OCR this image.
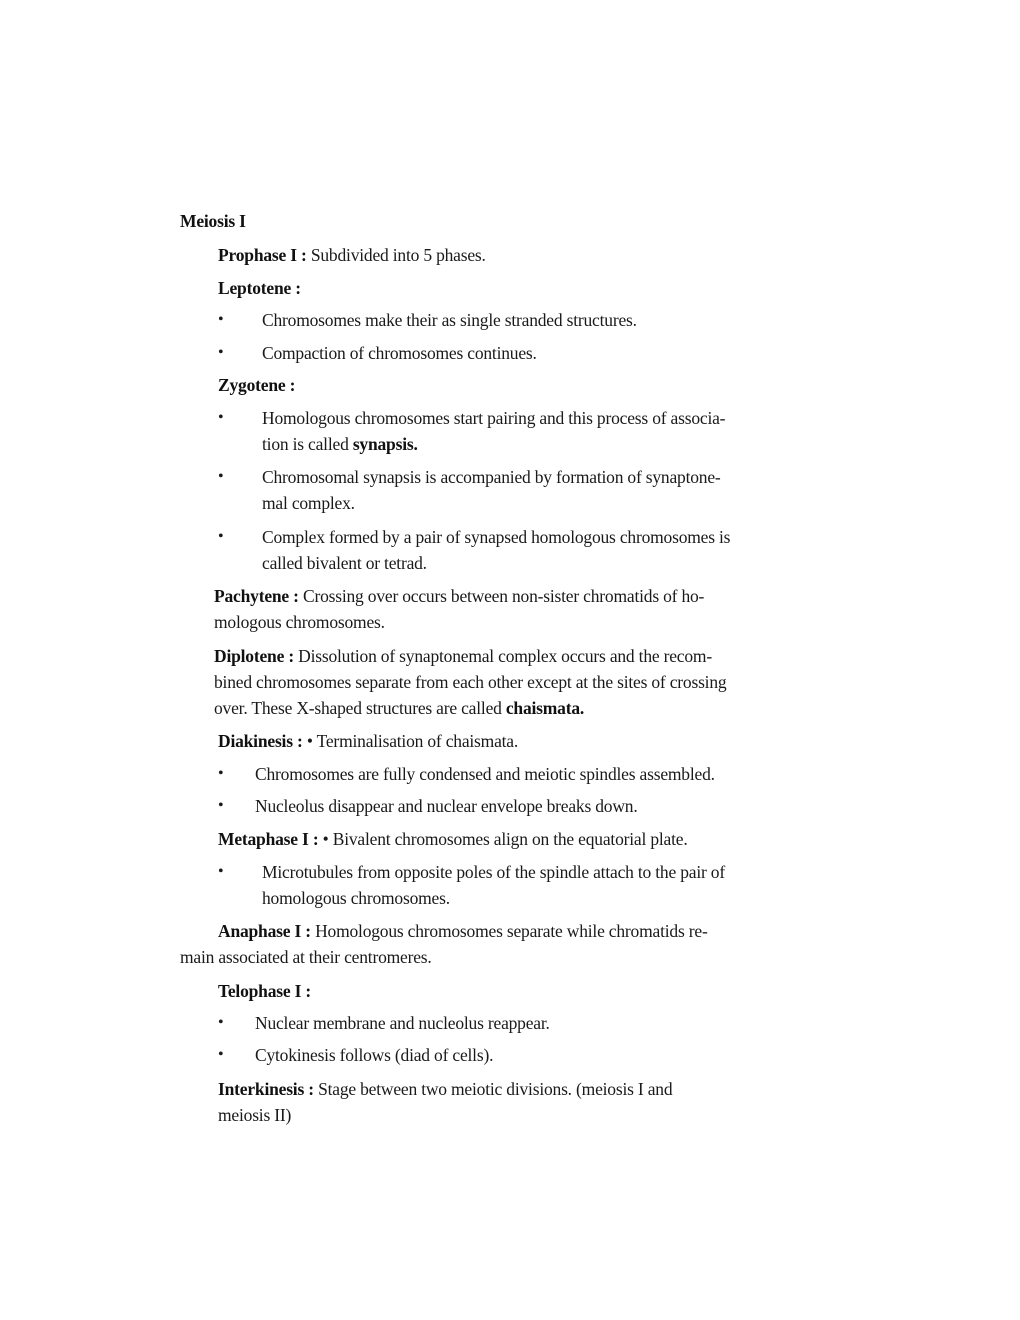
Meiosis I
Prophase I : Subdivided into 5 phases.
Leptotene :
• Chromosomes make their as single stranded structures.
• Compaction of chromosomes continues.
Zygotene :
• Homologous chromosomes start pairing and this process of associa-
tion is called synapsis.
• Chromosomal synapsis is accompanied by formation of synaptone-
mal complex.
• Complex formed by a pair of synapsed homologous chromosomes is
called bivalent or tetrad.
Pachytene : Crossing over occurs between non-sister chromatids of ho-
mologous chromosomes.
Diplotene : Dissolution of synaptonemal complex occurs and the recom-
bined chromosomes separate from each other except at the sites of crossing
over. These X-shaped structures are called chaismata.
Diakinesis : • Terminalisation of chaismata.
• Chromosomes are fully condensed and meiotic spindles assembled.
• Nucleolus disappear and nuclear envelope breaks down.
Metaphase I : • Bivalent chromosomes align on the equatorial plate.
• Microtubules from opposite poles of the spindle attach to the pair of
homologous chromosomes.
Anaphase I : Homologous chromosomes separate while chromatids re-
main associated at their centromeres.
Telophase I :
• Nuclear membrane and nucleolus reappear.
• Cytokinesis follows (diad of cells).
Interkinesis : Stage between two meiotic divisions. (meiosis I and
meiosis II)
